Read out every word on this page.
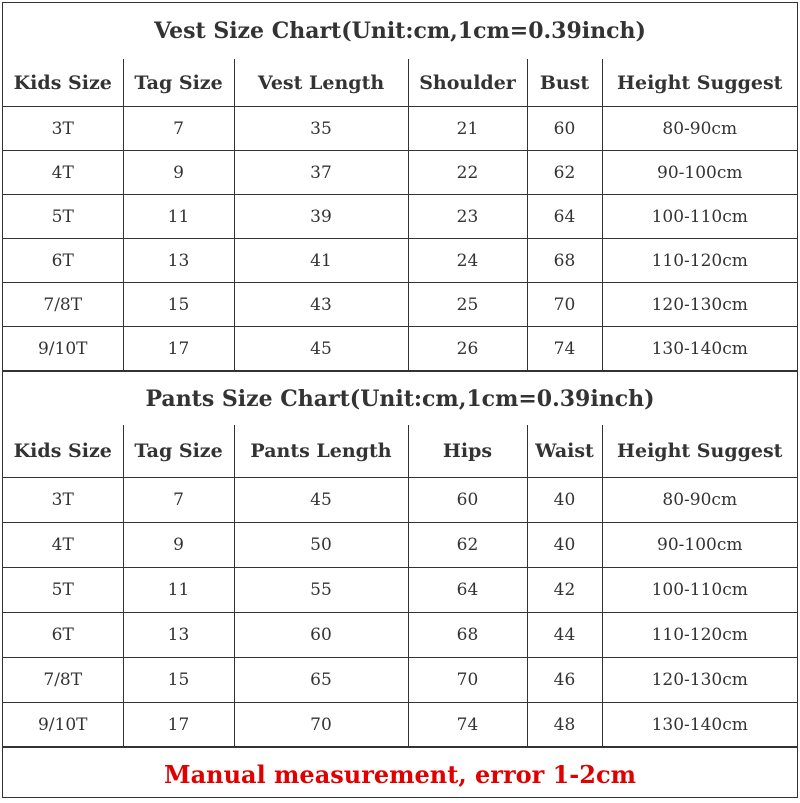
Vest Size Chart(Unit:cm,1cm=0.39inch)
Kids Size	Tag Size	Vest Length	Shoulder	Bust	Height Suggest
3T	7	35	21	60	80-90cm
4T	9	37	22	62	90-100cm
5T	11	39	23	64	100-110cm
6T	13	41	24	68	110-120cm
7/8T	15	43	25	70	120-130cm
9/10T	17	45	26	74	130-140cm
Pants Size Chart(Unit:cm,1cm=0.39inch)
Kids Size	Tag Size	Pants Length	Hips	Waist	Height Suggest
3T	7	45	60	40	80-90cm
4T	9	50	62	40	90-100cm
5T	11	55	64	42	100-110cm
6T	13	60	68	44	110-120cm
7/8T	15	65	70	46	120-130cm
9/10T	17	70	74	48	130-140cm
Manual measurement, error 1-2cm
